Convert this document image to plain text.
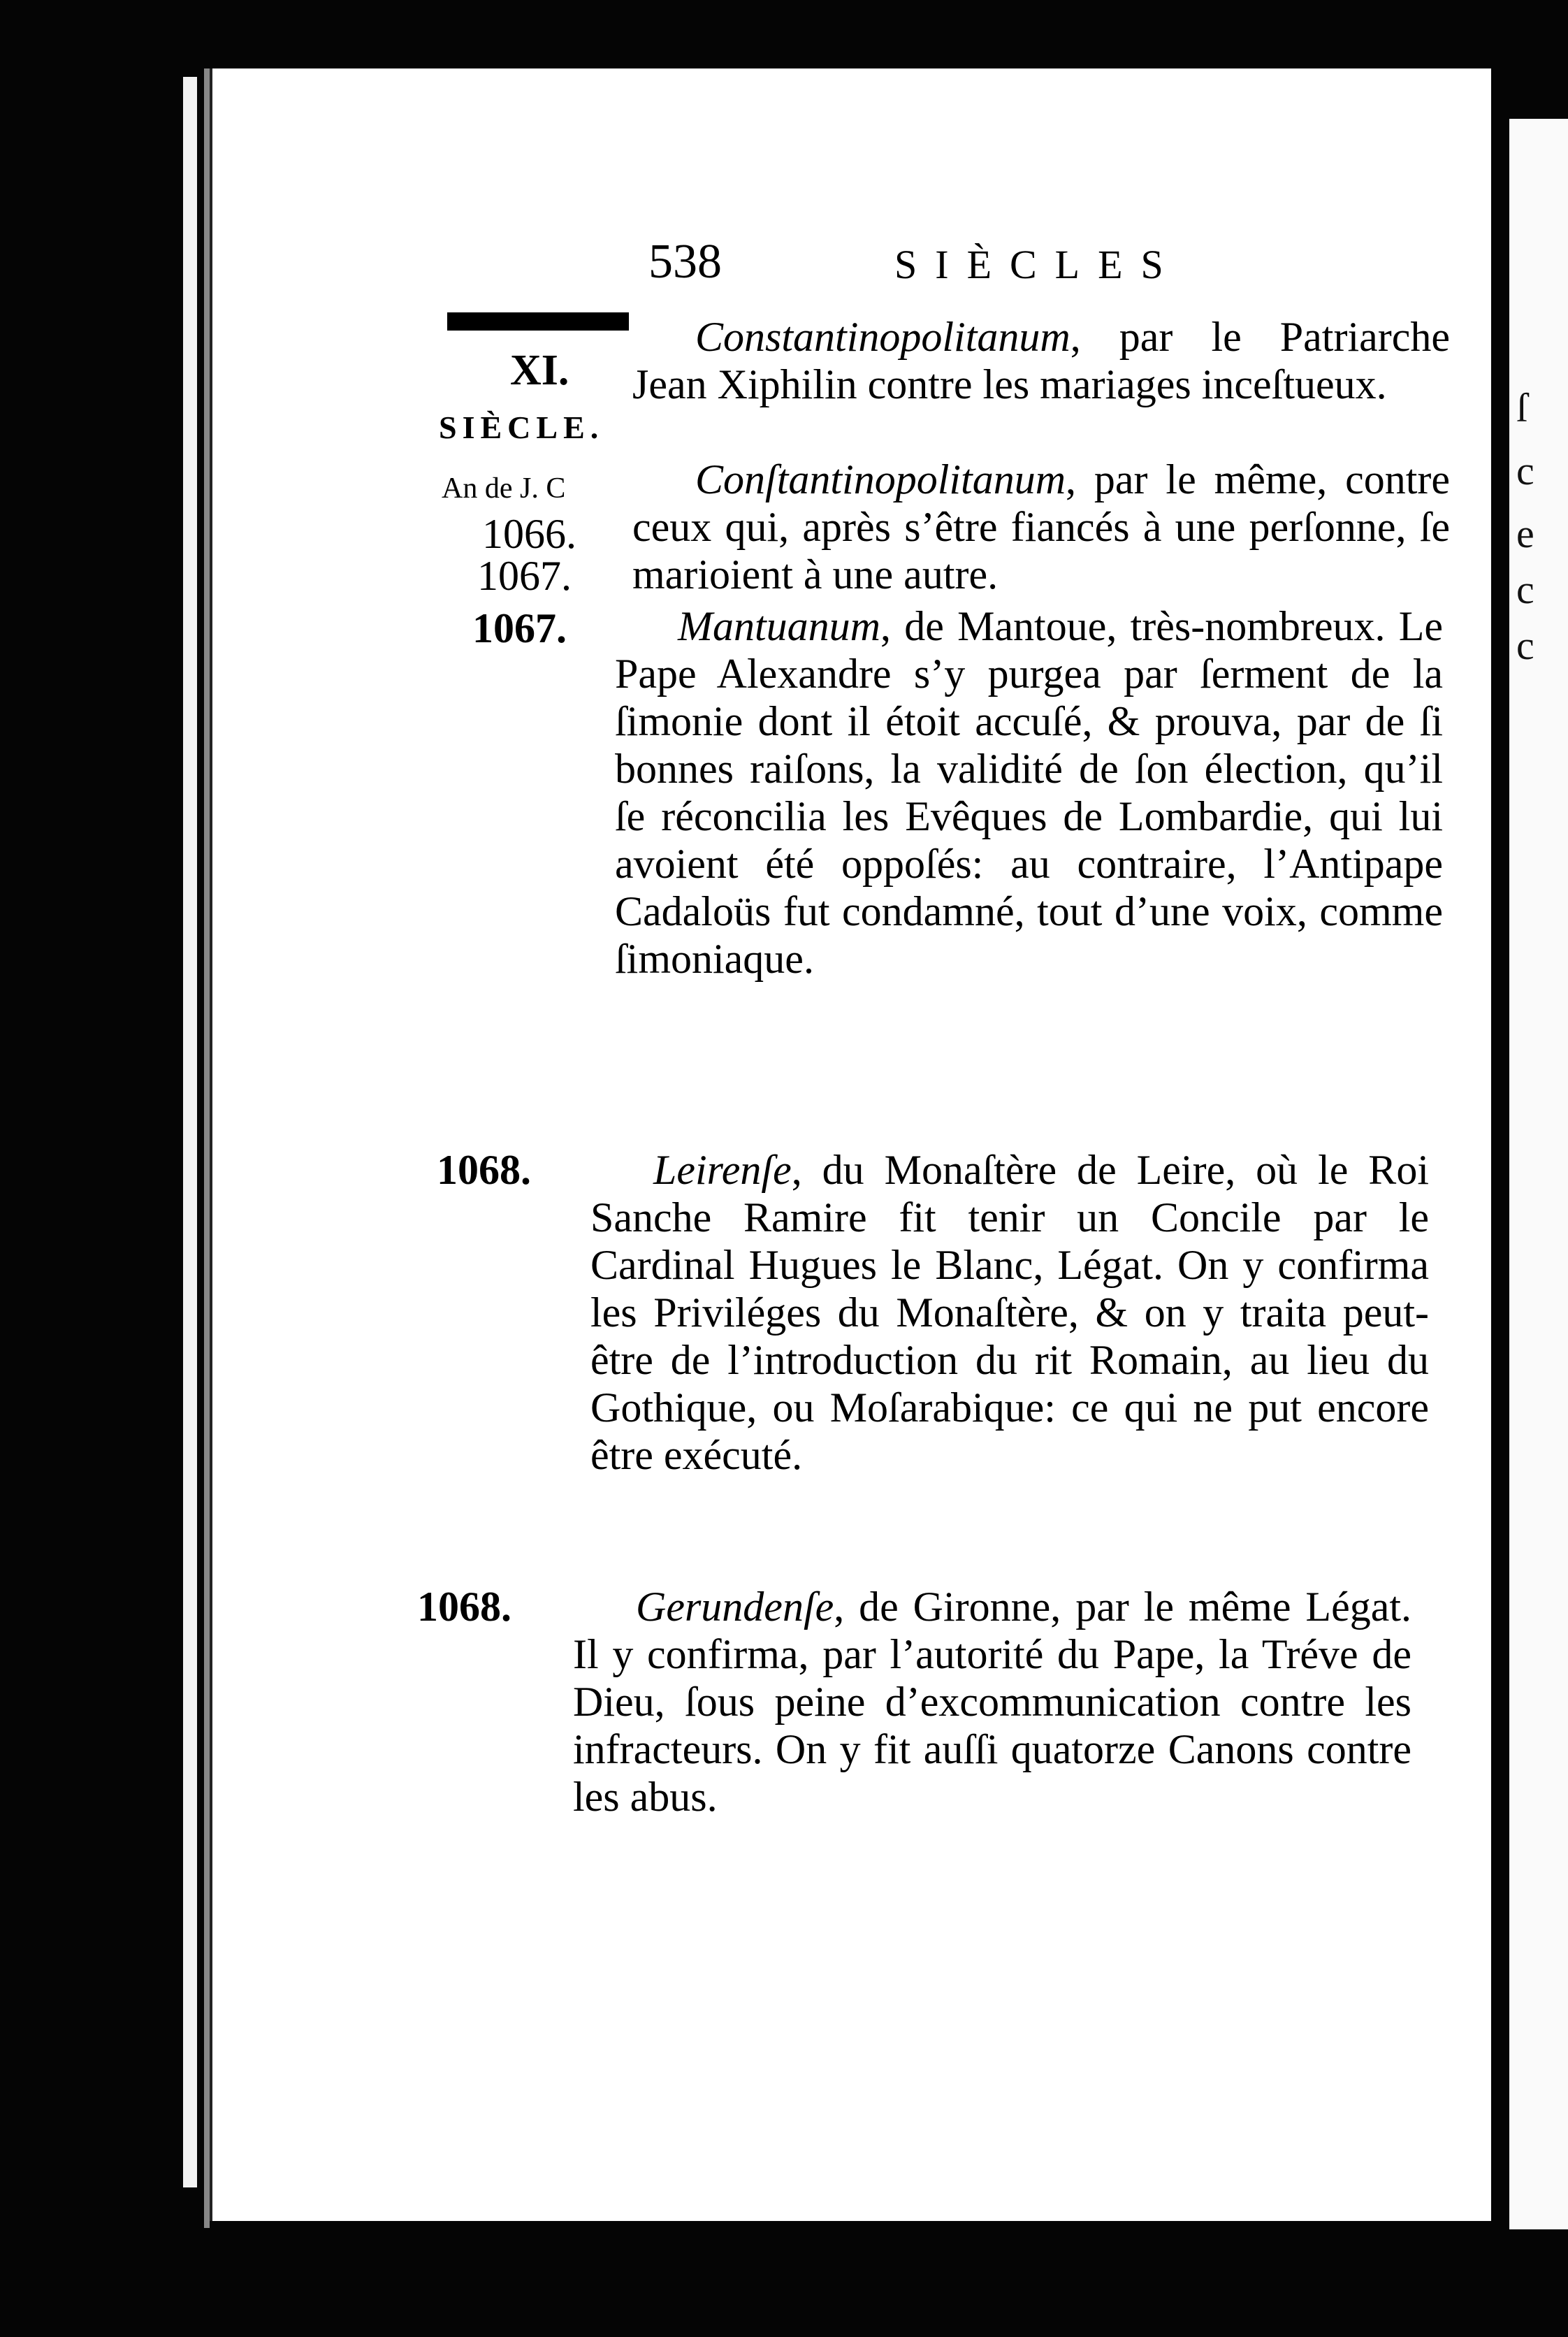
ſ
c
e
c
c
538	SIÈCLES
XI.
SIÈCLE.
An de J. C
1066.
1067.
1067.
1068.
1068.
Constantinopolitanum, par le Patriarche Jean Xiphilin contre les mariages inceſtueux.
Conſtantinopolitanum, par le même, contre ceux qui, après s’être fiancés à une perſonne, ſe marioient à une autre.
Mantuanum, de Mantoue, très-nombreux. Le Pape Alexandre s’y purgea par ſerment de la ſimonie dont il étoit accuſé, & prouva, par de ſi bonnes raiſons, la validité de ſon élection, qu’il ſe réconcilia les Evêques de Lombardie, qui lui avoient été oppoſés: au contraire, l’Antipape Cadaloüs fut condamné, tout d’une voix, comme ſimoniaque.
Leirenſe, du Monaſtère de Leire, où le Roi Sanche Ramire fit tenir un Concile par le Cardinal Hugues le Blanc, Légat. On y confirma les Priviléges du Monaſtère, & on y traita peut-être de l’introduction du rit Romain, au lieu du Gothique, ou Moſarabique: ce qui ne put encore être exécuté.
Gerundenſe, de Gironne, par le même Légat. Il y confirma, par l’autorité du Pape, la Tréve de Dieu, ſous peine d’excommunication contre les infracteurs. On y fit auſſi quatorze Canons contre les abus.
